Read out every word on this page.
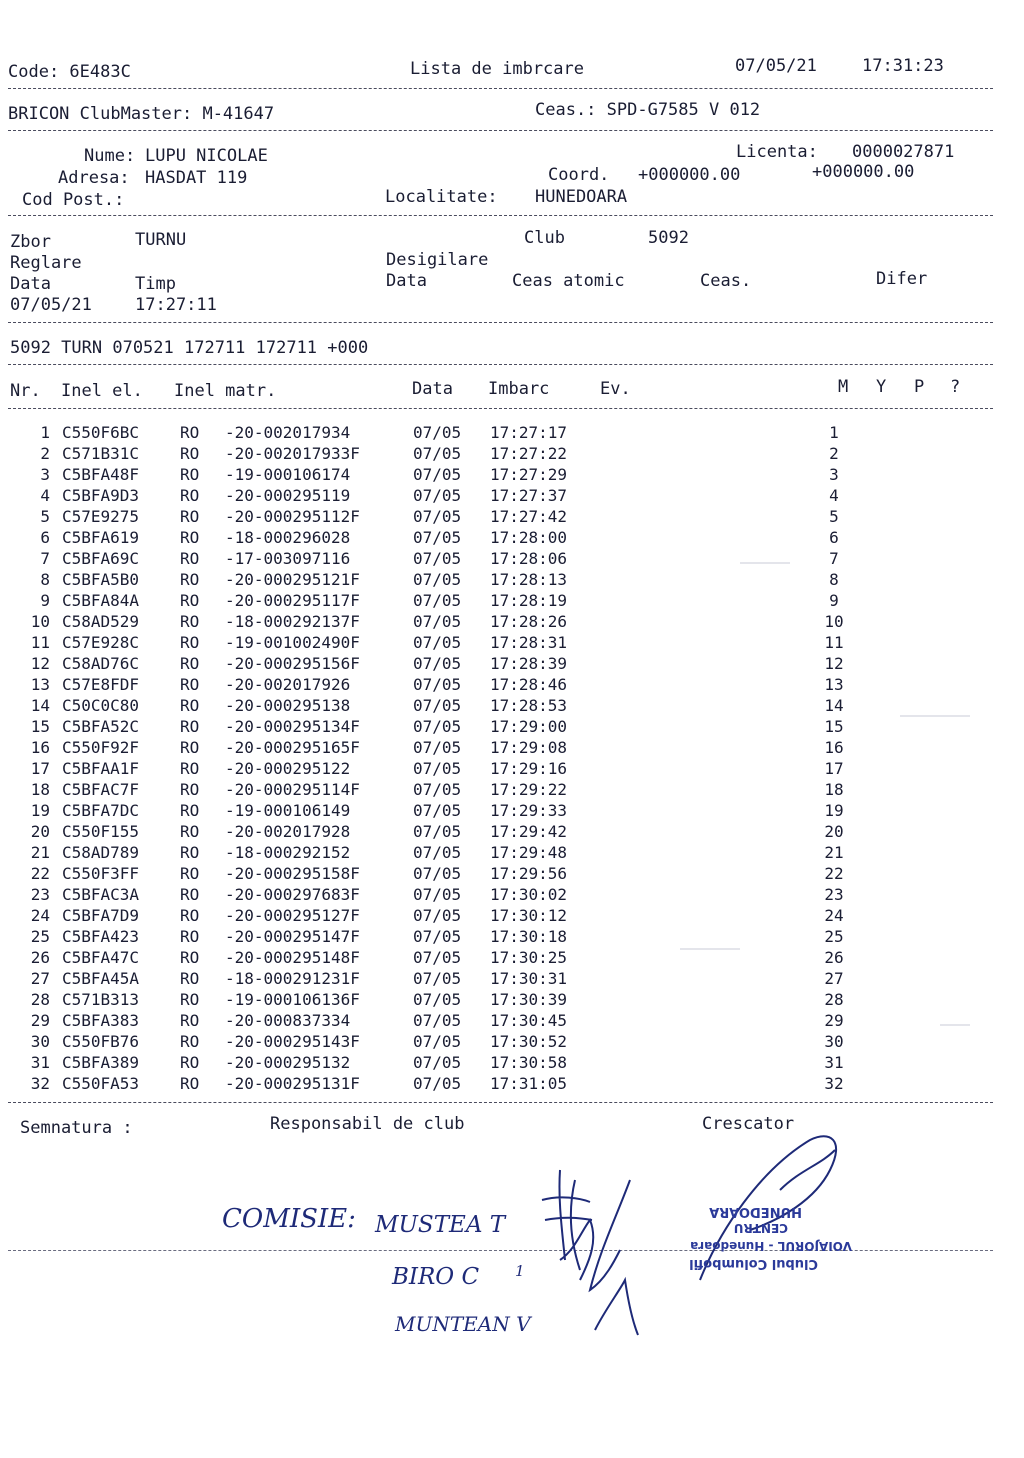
Code: 6E483C	Lista de imbrcare	07/05/21	17:31:23
BRICON ClubMaster: M-41647	Ceas.: SPD-G7585 V 012
Nume: LUPU NICOLAE	Licenta: 0000027871
Adresa: HASDAT 119	Coord. +000000.00	+000000.00
Cod Post.:	Localitate: HUNEDOARA
Zbor	TURNU	Club	5092
Reglare	Desigilare
Data	Timp	Data	Ceas atomic	Ceas.	Difer
07/05/21	17:27:11
5092 TURN 070521 172711 172711 +000
Nr. Inel el. Inel matr.	Data Imbarc	Ev.	M Y P ?
1 C550F6BC	RO -20-002017934	07/05 17:27:17	1
2 C571B31C	RO -20-002017933F	07/05 17:27:22	2
3 C5BFA48F	RO -19-000106174	07/05 17:27:29	3
4 C5BFA9D3	RO -20-000295119	07/05 17:27:37	4
5 C57E9275	RO -20-000295112F	07/05 17:27:42	5
6 C5BFA619	RO -18-000296028	07/05 17:28:00	6
7 C5BFA69C	RO -17-003097116	07/05 17:28:06	7
8 C5BFA5B0	RO -20-000295121F	07/05 17:28:13	8
9 C5BFA84A	RO -20-000295117F	07/05 17:28:19	9
10 C58AD529	RO -18-000292137F	07/05 17:28:26	10
11 C57E928C	RO -19-001002490F	07/05 17:28:31	11
12 C58AD76C	RO -20-000295156F	07/05 17:28:39	12
13 C57E8FDF	RO -20-002017926	07/05 17:28:46	13
14 C50C0C80	RO -20-000295138	07/05 17:28:53	14
15 C5BFA52C	RO -20-000295134F	07/05 17:29:00	15
16 C550F92F	RO -20-000295165F	07/05 17:29:08	16
17 C5BFAA1F	RO -20-000295122	07/05 17:29:16	17
18 C5BFAC7F	RO -20-000295114F	07/05 17:29:22	18
19 C5BFA7DC	RO -19-000106149	07/05 17:29:33	19
20 C550F155	RO -20-002017928	07/05 17:29:42	20
21 C58AD789	RO -18-000292152	07/05 17:29:48	21
22 C550F3FF	RO -20-000295158F	07/05 17:29:56	22
23 C5BFAC3A	RO -20-000297683F	07/05 17:30:02	23
24 C5BFA7D9	RO -20-000295127F	07/05 17:30:12	24
25 C5BFA423	RO -20-000295147F	07/05 17:30:18	25
26 C5BFA47C	RO -20-000295148F	07/05 17:30:25	26
27 C5BFA45A	RO -18-000291231F	07/05 17:30:31	27
28 C571B313	RO -19-000106136F	07/05 17:30:39	28
29 C5BFA383	RO -20-000837334	07/05 17:30:45	29
30 C550FB76	RO -20-000295143F	07/05 17:30:52	30
31 C5BFA389	RO -20-000295132	07/05 17:30:58	31
32 C550FA53	RO -20-000295131F	07/05 17:31:05	32
Semnatura :	Responsabil de club	Crescator
COMISIE: MUSTEA T
BIRO C 1
MUNTEAN V
Clubul Columbofil
VOIAJORUL - Hunedoara
CENTRU
HUNEDOARA
